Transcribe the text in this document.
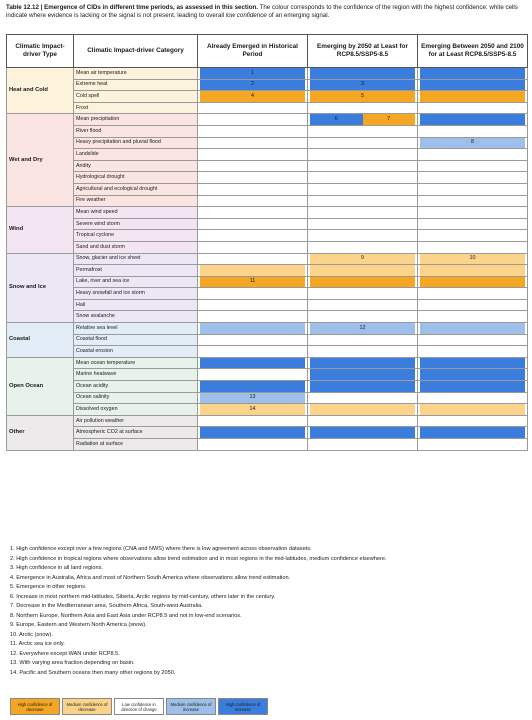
Table 12.12 | Emergence of CIDs in different time periods, as assessed in this section. The colour corresponds to the confidence of the region with the highest confidence: white cells indicate where evidence is lacking or the signal is not present, leading to overall low confidence of an emerging signal.
Climatic Impact-driver Type	Climatic Impact-driver Category	Already Emerged in Historical Period	Emerging by 2050 at Least for RCP8.5/SSP5-8.5	Emerging Between 2050 and 2100 for at Least RCP8.5/SSP5-8.5
Heat and Cold	Mean air temperature	1		

	Extreme heat	2	3	

	Cold spell	4	5	

	Frost	

Wet and Dry	Mean precipitation		6 7	

	River flood	

	Heavy precipitation and pluvial flood			8

	Landslide	

	Aridity	

	Hydrological drought	

	Agricultural and ecological drought	

	Fire weather	

Wind	Mean wind speed	

	Severe wind storm	

	Tropical cyclone	

	Sand and dust storm	

Snow and Ice	Snow, glacier and ice sheet		9	10

	Permafrost	

	Lake, river and sea ice	11		

	Heavy snowfall and ice storm	

	Hail	

	Snow avalanche	

Coastal	Relative sea level		12	

	Coastal flood	

	Coastal erosion	

Open Ocean	Mean ocean temperature	

	Marine heatwave	

	Ocean acidity	

	Ocean salinity	13		

	Dissolved oxygen	14		

Other	Air pollution weather	

	Atmospheric CO2 at surface	

	Radiation at surface	

1. High confidence except over a few regions (CNA and NWS) where there is low agreement across observation datasets.
2. High confidence in tropical regions where observations allow trend estimation and in most regions in the mid-latitudes, medium confidence elsewhere.
3. High confidence in all land regions.
4. Emergence in Australia, Africa and most of Northern South America where observations allow trend estimation.
5. Emergence in other regions.
6. Increase in most northern mid-latitudes, Siberia, Arctic regions by mid-century, others later in the century.
7. Decrease in the Mediterranean area, Southern Africa, South-west Australia.
8. Northern Europe, Northern Asia and East Asia under RCP8.5 and not in low-end scenarios.
9. Europe, Eastern and Western North America (snow).
10. Arctic (snow).
11. Arctic sea ice only.
12. Everywhere except WAN under RCP8.5.
13. With varying area fraction depending on basin.
14. Pacific and Southern oceans then many other regions by 2050.
High confidence of decrease
Medium confidence of decrease
Low confidence in direction of change
Medium confidence of increase
High confidence of increase
